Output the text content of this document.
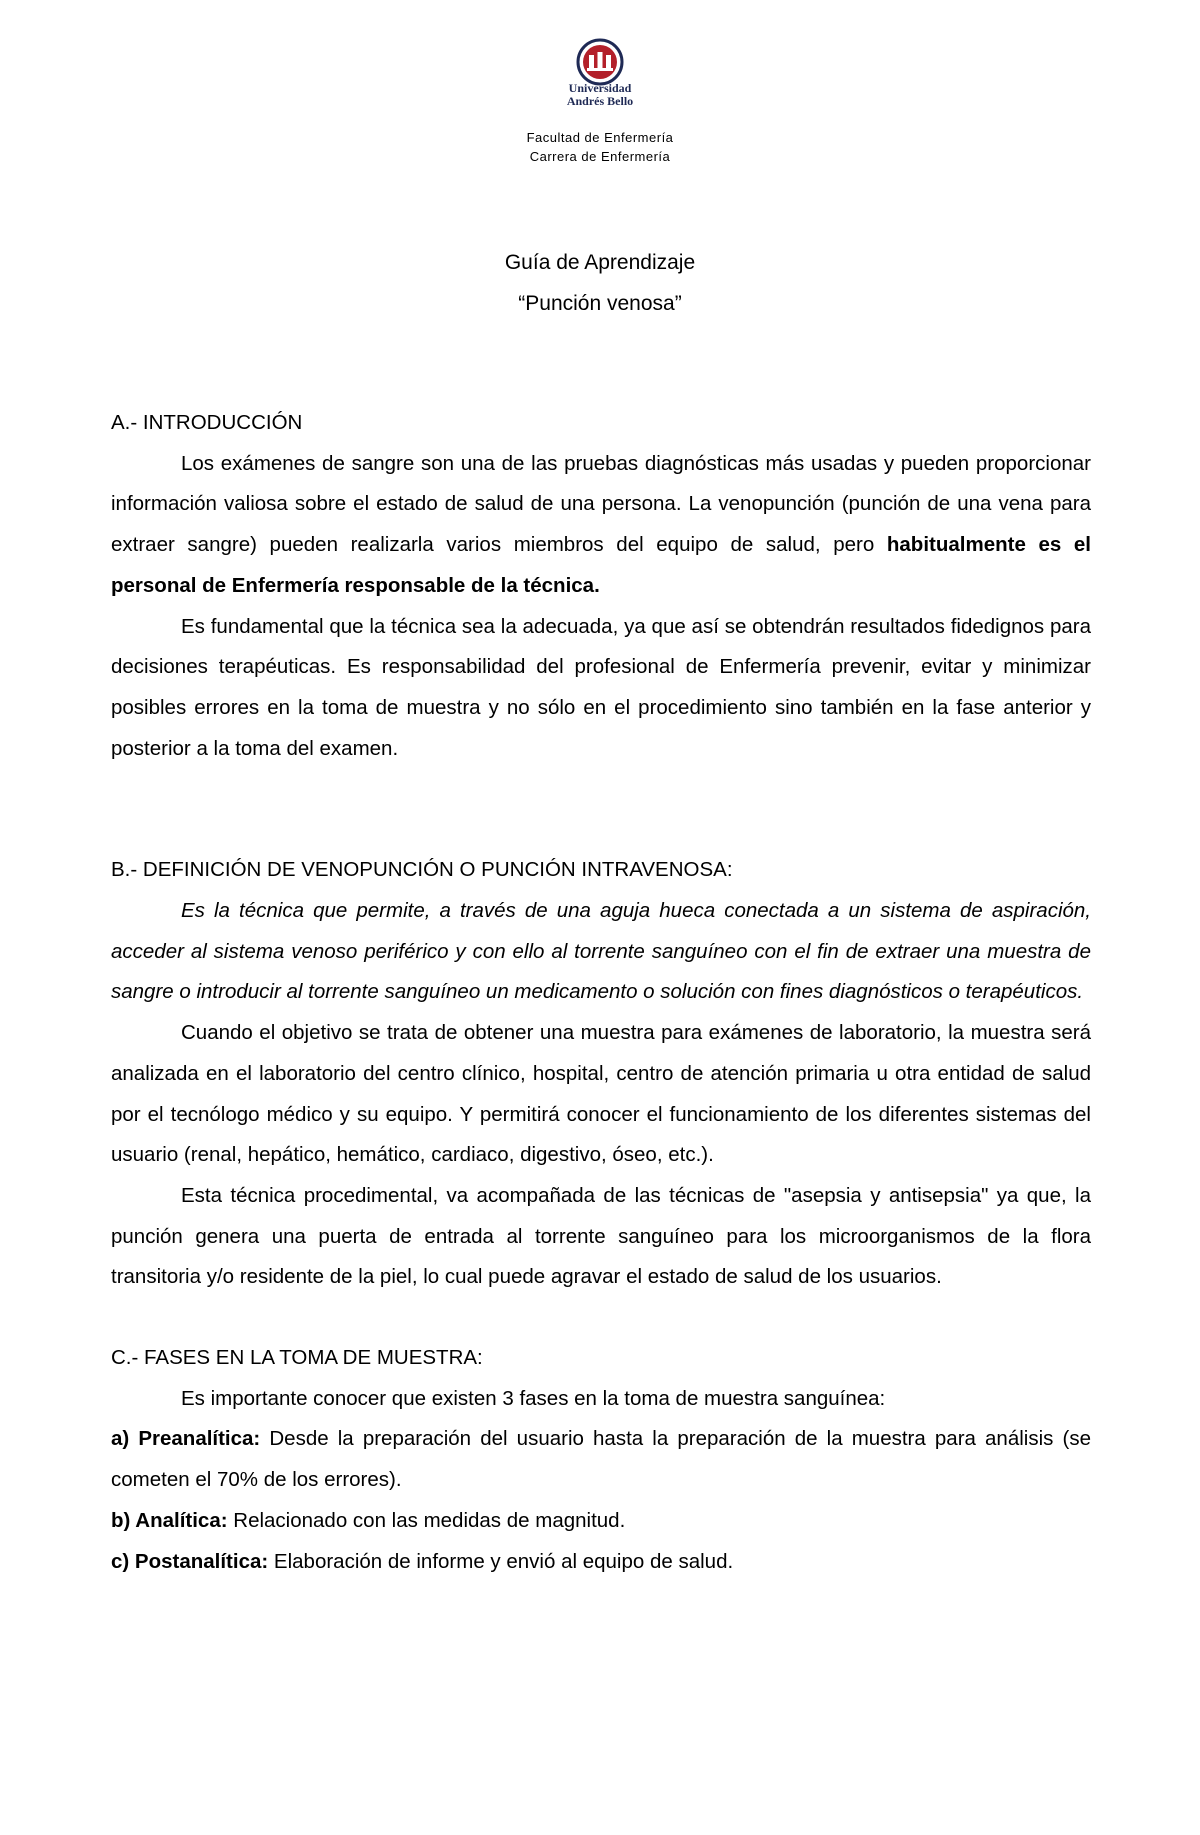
Universidad
Andrés Bello
Facultad de Enfermería
Carrera de Enfermería
Guía de Aprendizaje
“Punción venosa”

A.- INTRODUCCIÓN

Los exámenes de sangre son una de las pruebas diagnósticas más usadas y pueden proporcionar información valiosa sobre el estado de salud de una persona. La venopunción (punción de una vena para extraer sangre) pueden realizarla varios miembros del equipo de salud, pero habitualmente es el personal de Enfermería responsable de la técnica.

Es fundamental que la técnica sea la adecuada, ya que así se obtendrán resultados fidedignos para decisiones terapéuticas. Es responsabilidad del profesional de Enfermería prevenir, evitar y minimizar posibles errores en la toma de muestra y no sólo en el procedimiento sino también en la fase anterior y posterior a la toma del examen.

B.- DEFINICIÓN DE VENOPUNCIÓN O PUNCIÓN INTRAVENOSA:

Es la técnica que permite, a través de una aguja hueca conectada a un sistema de aspiración, acceder al sistema venoso periférico y con ello al torrente sanguíneo con el fin de extraer una muestra de sangre o introducir al torrente sanguíneo un medicamento o solución con fines diagnósticos o terapéuticos.

Cuando el objetivo se trata de obtener una muestra para exámenes de laboratorio, la muestra será analizada en el laboratorio del centro clínico, hospital, centro de atención primaria u otra entidad de salud por el tecnólogo médico y su equipo. Y permitirá conocer el funcionamiento de los diferentes sistemas del usuario (renal, hepático, hemático, cardiaco, digestivo, óseo, etc.).

Esta técnica procedimental, va acompañada de las técnicas de "asepsia y antisepsia" ya que, la punción genera una puerta de entrada al torrente sanguíneo para los microorganismos de la flora transitoria y/o residente de la piel, lo cual puede agravar el estado de salud de los usuarios.

C.- FASES EN LA TOMA DE MUESTRA:

Es importante conocer que existen 3 fases en la toma de muestra sanguínea:

a) Preanalítica: Desde la preparación del usuario hasta la preparación de la muestra para análisis (se cometen el 70% de los errores).

b) Analítica: Relacionado con las medidas de magnitud.

c) Postanalítica: Elaboración de informe y envió al equipo de salud.
